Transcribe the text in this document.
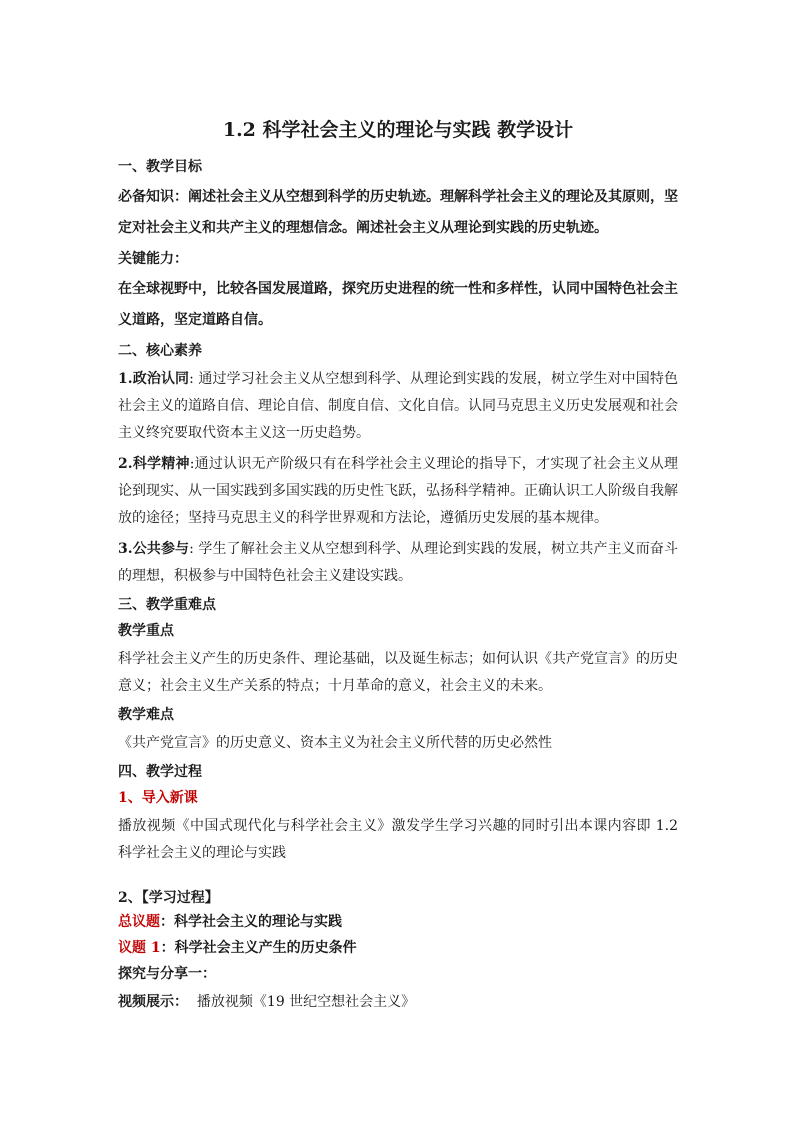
1.2 科学社会主义的理论与实践 教学设计
一、教学目标
必备知识：阐述社会主义从空想到科学的历史轨迹。理解科学社会主义的理论及其原则，坚定对社会主义和共产主义的理想信念。阐述社会主义从理论到实践的历史轨迹。
关键能力：
在全球视野中，比较各国发展道路，探究历史进程的统一性和多样性，认同中国特色社会主义道路，坚定道路自信。
二、核心素养
1.政治认同: 通过学习社会主义从空想到科学、从理论到实践的发展，树立学生对中国特色社会主义的道路自信、理论自信、制度自信、文化自信。认同马克思主义历史发展观和社会主义终究要取代资本主义这一历史趋势。
2.科学精神:通过认识无产阶级只有在科学社会主义理论的指导下，才实现了社会主义从理论到现实、从一国实践到多国实践的历史性飞跃，弘扬科学精神。正确认识工人阶级自我解放的途径；坚持马克思主义的科学世界观和方法论，遵循历史发展的基本规律。
3.公共参与: 学生了解社会主义从空想到科学、从理论到实践的发展，树立共产主义而奋斗的理想，积极参与中国特色社会主义建设实践。
三、教学重难点
教学重点
科学社会主义产生的历史条件、理论基础，以及诞生标志；如何认识《共产党宣言》的历史意义；社会主义生产关系的特点；十月革命的意义，社会主义的未来。
教学难点
《共产党宣言》的历史意义、资本主义为社会主义所代替的历史必然性
四、教学过程
1、导入新课
播放视频《中国式现代化与科学社会主义》激发学生学习兴趣的同时引出本课内容即 1.2 科学社会主义的理论与实践
2、【学习过程】
总议题：科学社会主义的理论与实践
议题 1：科学社会主义产生的历史条件
探究与分享一：
视频展示： 播放视频《19 世纪空想社会主义》
